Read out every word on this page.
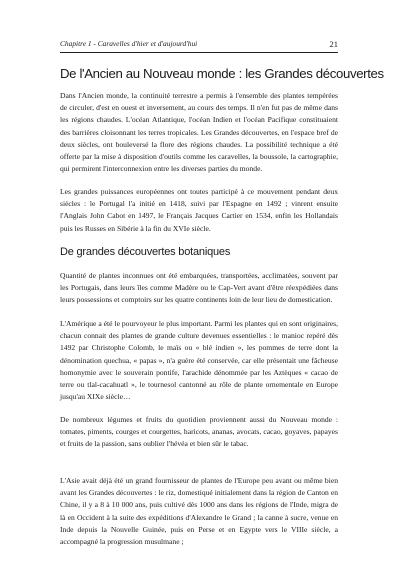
Chapitre 1 - Caravelles d'hier et d'aujourd'hui	21
De l'Ancien au Nouveau monde : les Grandes découvertes
Dans l'Ancien monde, la continuité terrestre a permis à l'ensemble des plantes tempérées de circuler, d'est en ouest et inversement, au cours des temps. Il n'en fut pas de même dans les régions chaudes. L'océan Atlantique, l'océan Indien et l'océan Pacifique constituaient des barrières cloisonnant les terres tropicales. Les Grandes découvertes, en l'espace bref de deux siècles, ont bouleversé la flore des régions chaudes. La possibilité technique a été offerte par la mise à disposition d'outils comme les caravelles, la boussole, la cartographie, qui permirent l'interconnexion entre les diverses parties du monde.
Les grandes puissances européennes ont toutes participé à ce mouvement pendant deux siècles : le Portugal l'a initié en 1418, suivi par l'Espagne en 1492 ; vinrent ensuite l'Anglais John Cabot en 1497, le Français Jacques Cartier en 1534, enfin les Hollandais puis les Russes en Sibérie à la fin du XVIe siècle.
De grandes découvertes botaniques
Quantité de plantes inconnues ont été embarquées, transportées, acclimatées, souvent par les Portugais, dans leurs îles comme Madère ou le Cap-Vert avant d'être réexpédiées dans leurs possessions et comptoirs sur les quatre continents loin de leur lieu de domestication.
L'Amérique a été le pourvoyeur le plus important. Parmi les plantes qui en sont originaires, chacun connait des plantes de grande culture devenues essentielles : le manioc repéré dès 1492 par Christophe Colomb, le maïs ou « blé indien », les pommes de terre dont la dénomination quechua, « papas », n'a guère été conservée, car elle présentait une fâcheuse homonymie avec le souverain pontife, l'arachide dénommée par les Aztèques « cacao de terre ou tlal-cacahuatl », le tournesol cantonné au rôle de plante ornementale en Europe jusqu'au XIXe siècle…
De nombreux légumes et fruits du quotidien proviennent aussi du Nouveau monde : tomates, piments, courges et courgettes, haricots, ananas, avocats, cacao, goyaves, papayes et fruits de la passion, sans oublier l'hévéa et bien sûr le tabac.
L'Asie avait déjà été un grand fournisseur de plantes de l'Europe peu avant ou même bien avant les Grandes découvertes : le riz, domestiqué initialement dans la région de Canton en Chine, il y a 8 à 10 000 ans, puis cultivé dès 1000 ans dans les régions de l'Inde, migra de là en Occident à la suite des expéditions d'Alexandre le Grand ; la canne à sucre, venue en Inde depuis la Nouvelle Guinée, puis en Perse et en Egypte vers le VIIIe siècle, a accompagné la progression musulmane ;
